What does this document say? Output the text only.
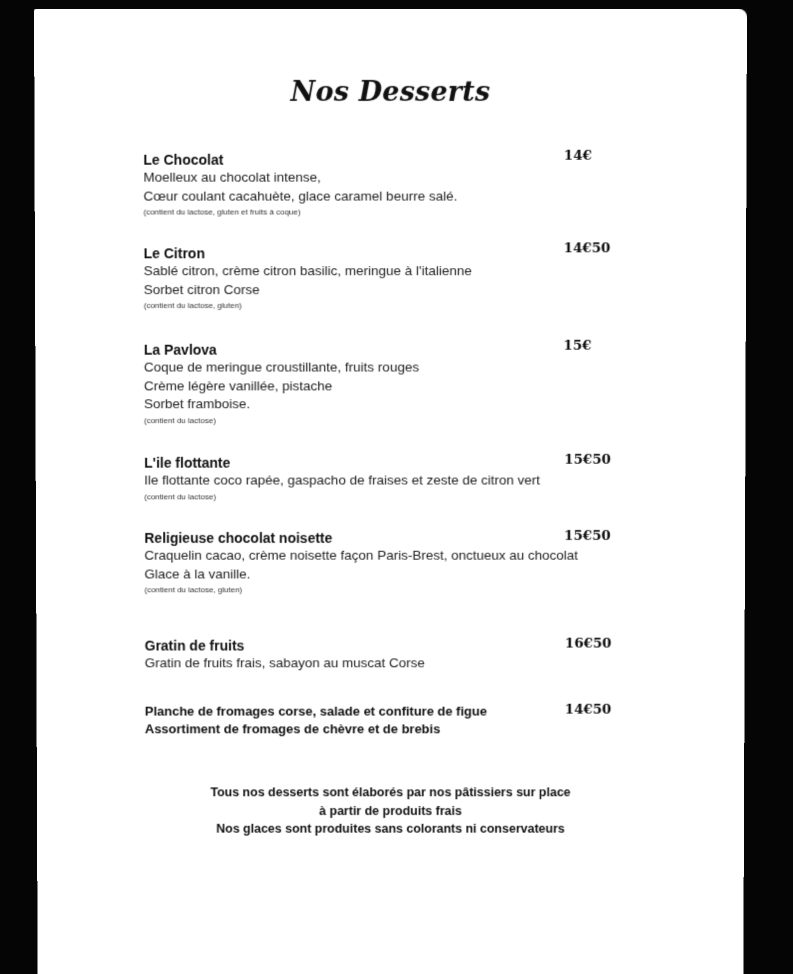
Nos Desserts
Le Chocolat
Moelleux au chocolat intense,
Cœur coulant cacahuète, glace caramel beurre salé.
(contient du lactose, gluten et fruits à coque)
14€
Le Citron
Sablé citron, crème citron basilic, meringue à l'italienne
Sorbet citron Corse
(contient du lactose, gluten)
14€50
La Pavlova
Coque de meringue croustillante, fruits rouges
Crème légère vanillée, pistache
Sorbet framboise.
(contient du lactose)
15€
L'ile flottante
Ile flottante coco rapée, gaspacho de fraises et zeste de citron vert
(contient du lactose)
15€50
Religieuse chocolat noisette
Craquelin cacao, crème noisette façon Paris-Brest, onctueux au chocolat
Glace à la vanille.
(contient du lactose, gluten)
15€50
Gratin de fruits
Gratin de fruits frais, sabayon au muscat Corse
16€50
Planche de fromages corse, salade et confiture de figue
Assortiment de fromages de chèvre et de brebis
14€50
Tous nos desserts sont élaborés par nos pâtissiers sur place
à partir de produits frais
Nos glaces sont produites sans colorants ni conservateurs
